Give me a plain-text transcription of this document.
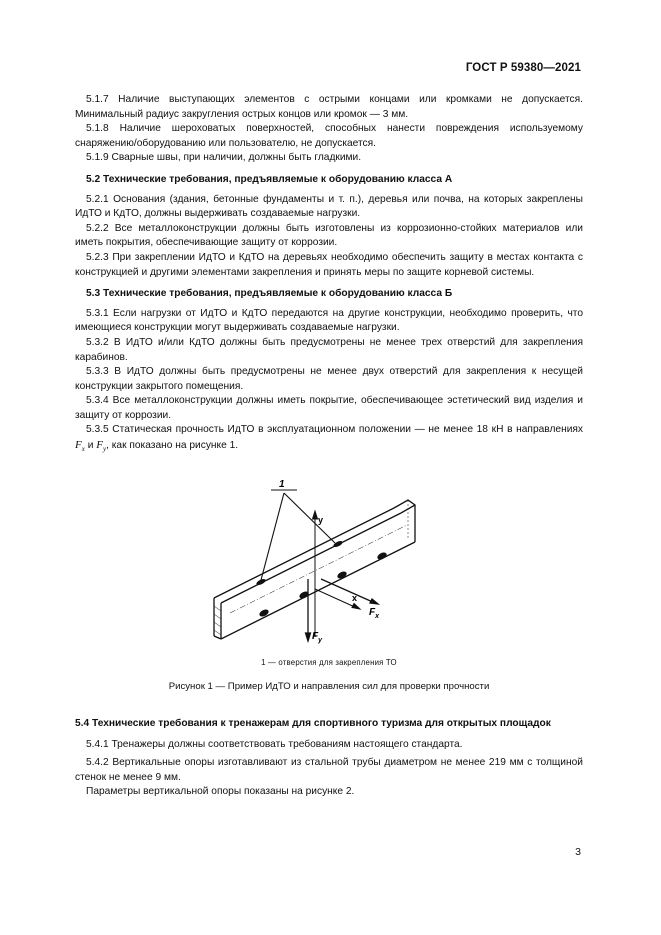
ГОСТ Р 59380—2021

5.1.7 Наличие выступающих элементов с острыми концами или кромками не допускается. Минимальный радиус закругления острых концов или кромок — 3 мм.

5.1.8 Наличие шероховатых поверхностей, способных нанести повреждения используемому снаряжению/оборудованию или пользователю, не допускается.

5.1.9 Сварные швы, при наличии, должны быть гладкими.

5.2 Технические требования, предъявляемые к оборудованию класса А

5.2.1 Основания (здания, бетонные фундаменты и т. п.), деревья или почва, на которых закреплены ИдТО и КдТО, должны выдерживать создаваемые нагрузки.

5.2.2 Все металлоконструкции должны быть изготовлены из коррозионно-стойких материалов или иметь покрытия, обеспечивающие защиту от коррозии.

5.2.3 При закреплении ИдТО и КдТО на деревьях необходимо обеспечить защиту в местах контакта с конструкцией и другими элементами закрепления и принять меры по защите корневой системы.

5.3 Технические требования, предъявляемые к оборудованию класса Б

5.3.1 Если нагрузки от ИдТО и КдТО передаются на другие конструкции, необходимо проверить, что имеющиеся конструкции могут выдерживать создаваемые нагрузки.

5.3.2 В ИдТО и/или КдТО должны быть предусмотрены не менее трех отверстий для закрепления карабинов.

5.3.3 В ИдТО должны быть предусмотрены не менее двух отверстий для закрепления к несущей конструкции закрытого помещения.

5.3.4 Все металлоконструкции должны иметь покрытие, обеспечивающее эстетический вид изделия и защиту от коррозии.

5.3.5 Статическая прочность ИдТО в эксплуатационном положении — не менее 18 кН в направлениях $F_x$ и $F_y$, как показано на рисунке 1.

1
y
x
$F_x$
$F_y$
1 — отверстия для закрепления ТО
Рисунок 1 — Пример ИдТО и направления сил для проверки прочности
5.4 Технические требования к тренажерам для спортивного туризма для открытых площадок

5.4.1 Тренажеры должны соответствовать требованиям настоящего стандарта.

5.4.2 Вертикальные опоры изготавливают из стальной трубы диаметром не менее 219 мм с толщиной стенок не менее 9 мм.

Параметры вертикальной опоры показаны на рисунке 2.

3
